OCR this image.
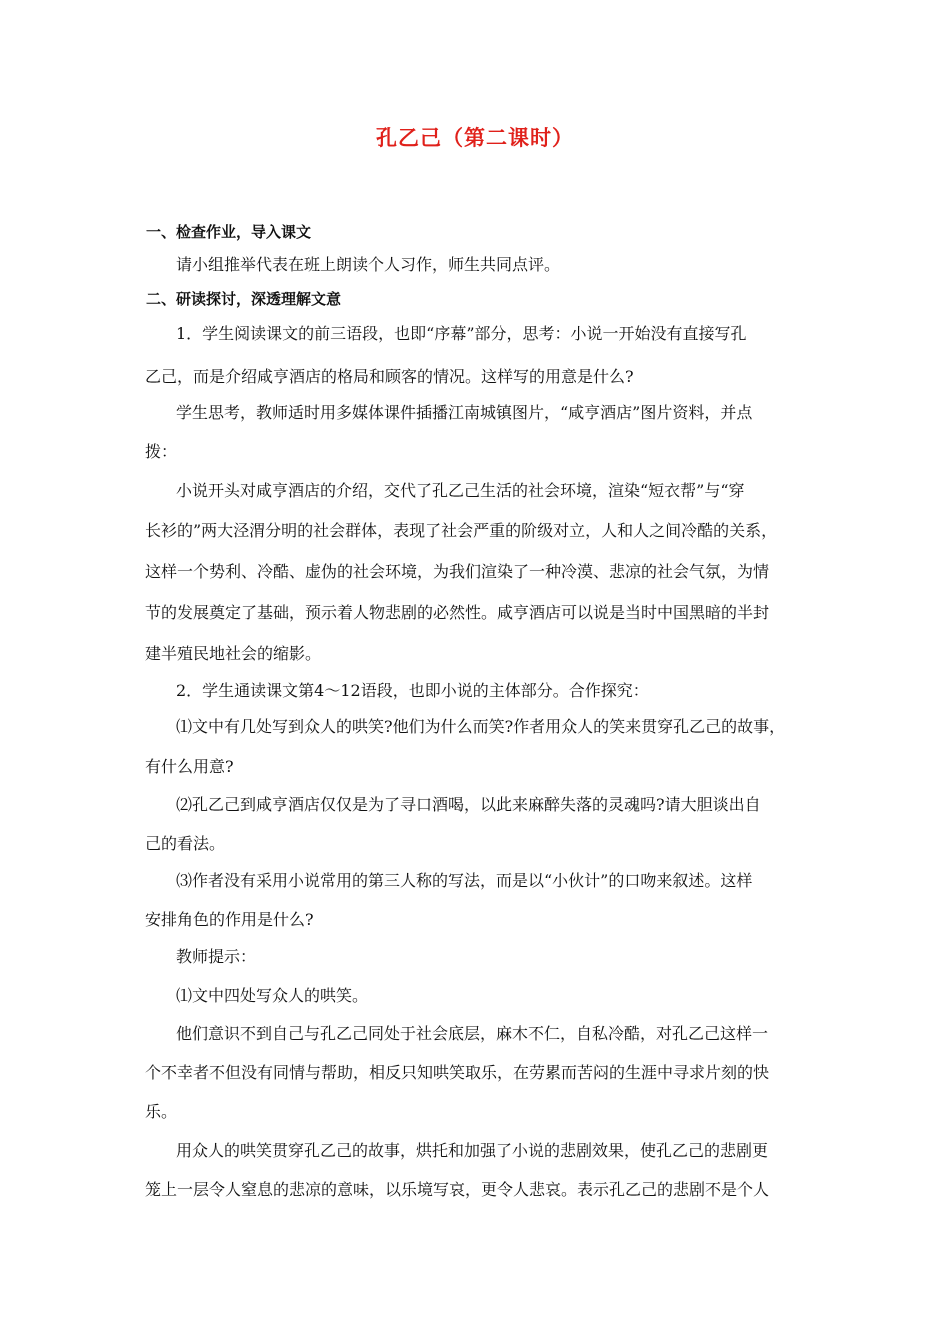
孔乙己（第二课时）
一、检查作业，导入课文
请小组推举代表在班上朗读个人习作，师生共同点评。
二、研读探讨，深透理解文意
1．学生阅读课文的前三语段，也即“序幕”部分，思考：小说一开始没有直接写孔
乙己，而是介绍咸亨酒店的格局和顾客的情况。这样写的用意是什么?
学生思考，教师适时用多媒体课件插播江南城镇图片，“咸亨酒店”图片资料，并点
拨：
小说开头对咸亨酒店的介绍，交代了孔乙己生活的社会环境，渲染“短衣帮”与“穿
长衫的”两大泾渭分明的社会群体，表现了社会严重的阶级对立，人和人之间冷酷的关系，
这样一个势利、冷酷、虚伪的社会环境，为我们渲染了一种冷漠、悲凉的社会气氛，为情
节的发展奠定了基础，预示着人物悲剧的必然性。咸亨酒店可以说是当时中国黑暗的半封
建半殖民地社会的缩影。
2．学生通读课文第4～12语段，也即小说的主体部分。合作探究：
⑴文中有几处写到众人的哄笑?他们为什么而笑?作者用众人的笑来贯穿孔乙己的故事，
有什么用意?
⑵孔乙己到咸亨酒店仅仅是为了寻口酒喝，以此来麻醉失落的灵魂吗?请大胆谈出自
己的看法。
⑶作者没有采用小说常用的第三人称的写法，而是以“小伙计”的口吻来叙述。这样
安排角色的作用是什么?
教师提示：
⑴文中四处写众人的哄笑。
他们意识不到自己与孔乙己同处于社会底层，麻木不仁，自私冷酷，对孔乙己这样一
个不幸者不但没有同情与帮助，相反只知哄笑取乐，在劳累而苦闷的生涯中寻求片刻的快
乐。
用众人的哄笑贯穿孔乙己的故事，烘托和加强了小说的悲剧效果，使孔乙己的悲剧更
笼上一层令人窒息的悲凉的意味，以乐境写哀，更令人悲哀。表示孔乙己的悲剧不是个人
